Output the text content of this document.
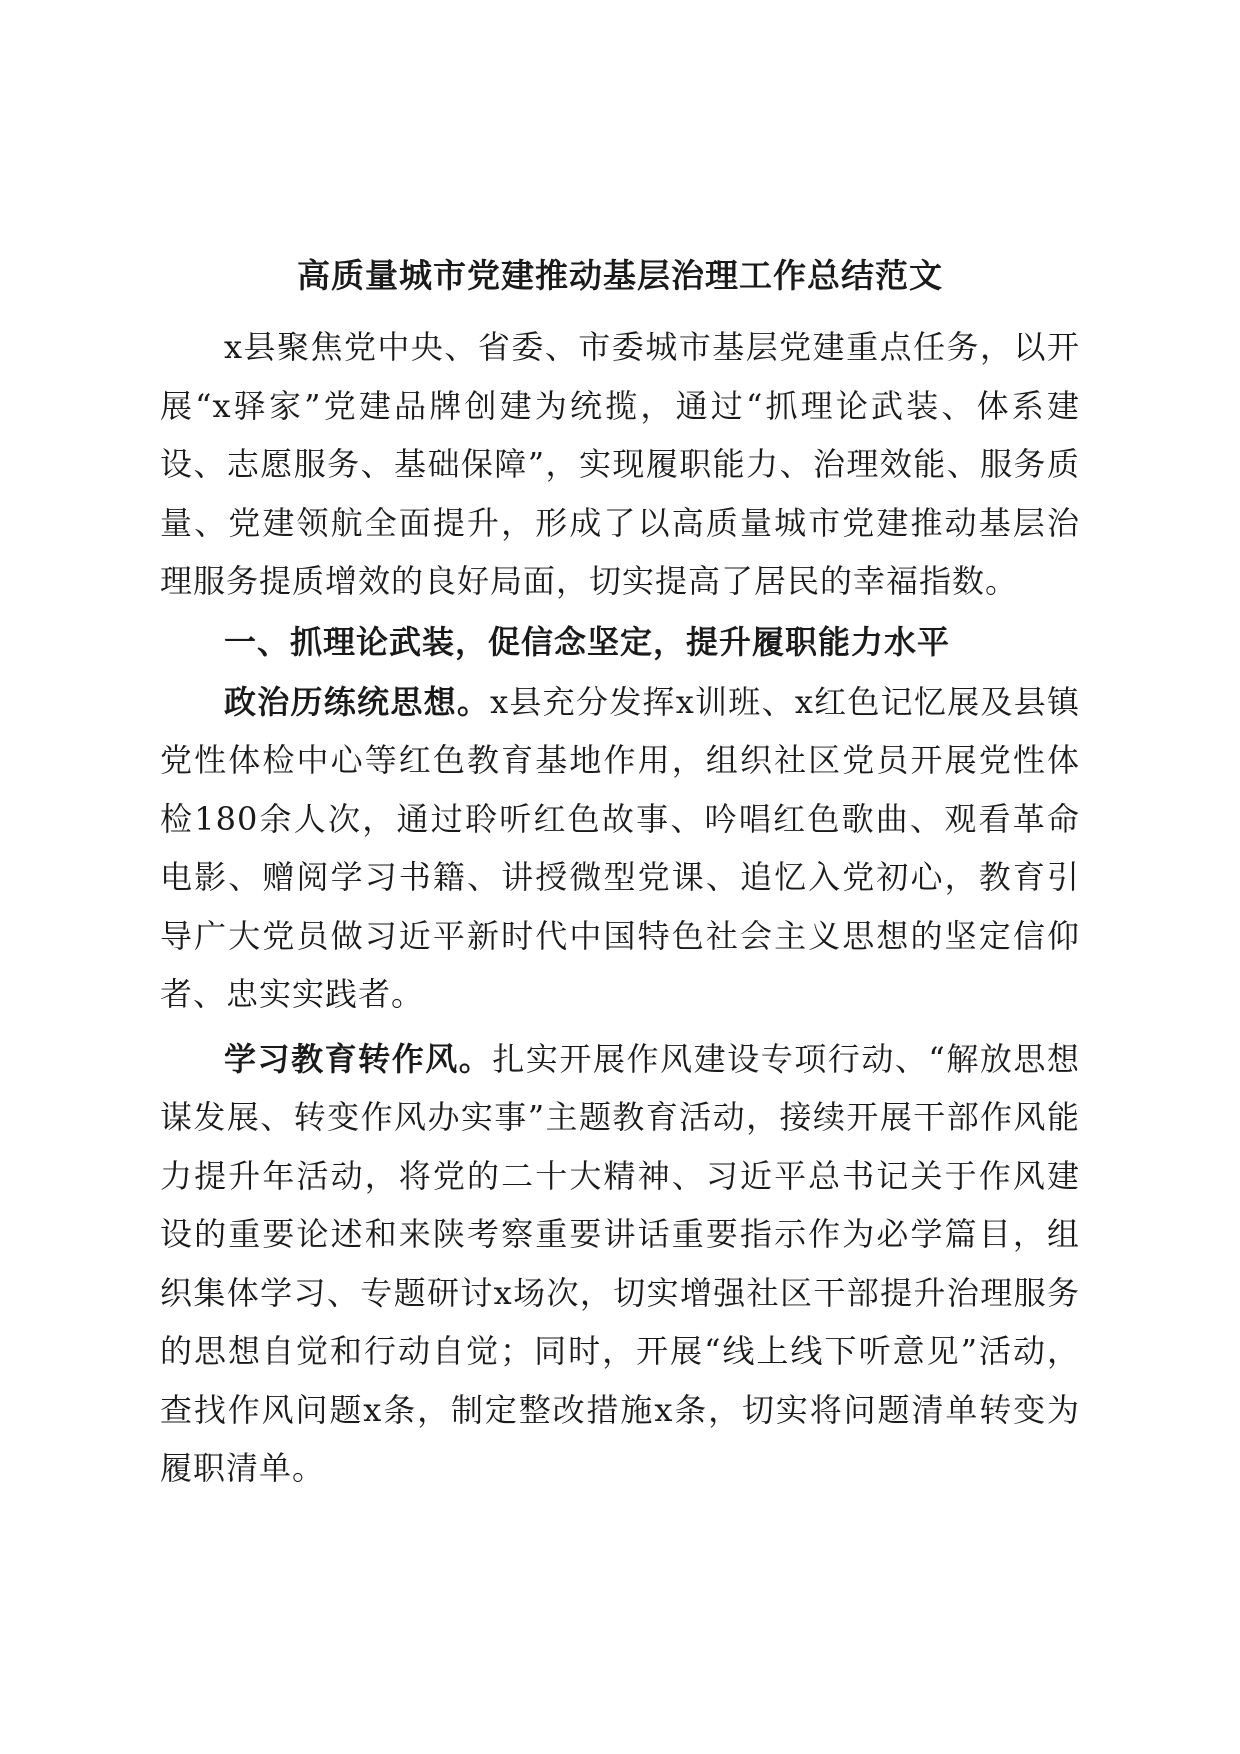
高质量城市党建推动基层治理工作总结范文

x县聚焦党中央、省委、市委城市基层党建重点任务，以开展“x驿家”党建品牌创建为统揽，通过“抓理论武装、体系建设、志愿服务、基础保障”，实现履职能力、治理效能、服务质量、党建领航全面提升，形成了以高质量城市党建推动基层治理服务提质增效的良好局面，切实提高了居民的幸福指数。

一、抓理论武装，促信念坚定，提升履职能力水平

政治历练统思想。x县充分发挥x训班、x红色记忆展及县镇党性体检中心等红色教育基地作用，组织社区党员开展党性体检180余人次，通过聆听红色故事、吟唱红色歌曲、观看革命电影、赠阅学习书籍、讲授微型党课、追忆入党初心，教育引导广大党员做习近平新时代中国特色社会主义思想的坚定信仰者、忠实实践者。

学习教育转作风。扎实开展作风建设专项行动、“解放思想谋发展、转变作风办实事”主题教育活动，接续开展干部作风能力提升年活动，将党的二十大精神、习近平总书记关于作风建设的重要论述和来陕考察重要讲话重要指示作为必学篇目，组织集体学习、专题研讨x场次，切实增强社区干部提升治理服务的思想自觉和行动自觉；同时，开展“线上线下听意见”活动，查找作风问题x条，制定整改措施x条，切实将问题清单转变为履职清单。
